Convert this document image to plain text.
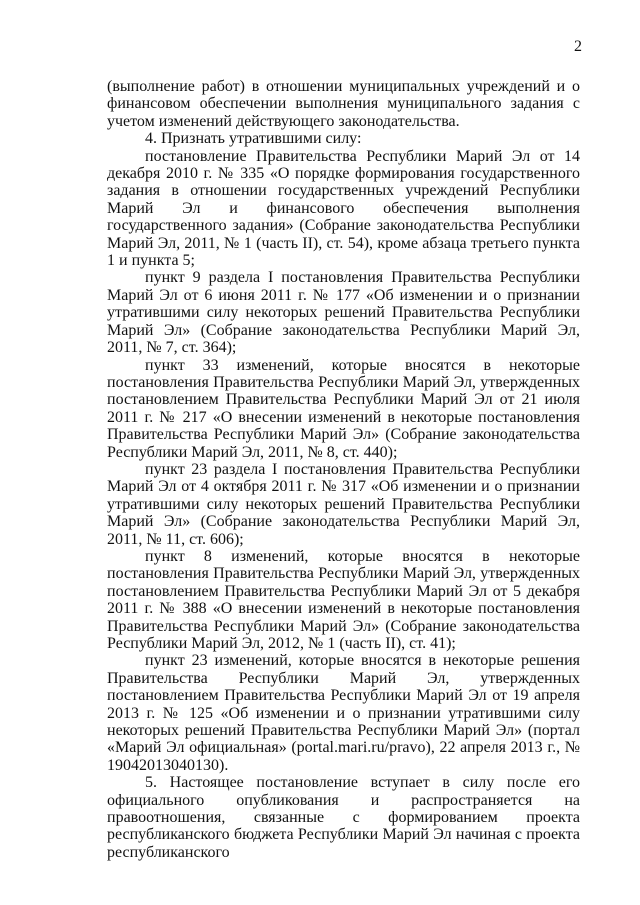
2

(выполнение работ) в отношении муниципальных учреждений и о финансовом обеспечении выполнения муниципального задания с учетом изменений действующего законодательства.

4. Признать утратившими силу:

постановление Правительства Республики Марий Эл от 14 декабря 2010 г. № 335 «О порядке формирования государственного задания в отношении государственных учреждений Республики Марий Эл и финансового обеспечения выполнения государственного задания» (Собрание законодательства Республики Марий Эл, 2011, № 1 (часть II), ст. 54), кроме абзаца третьего пункта 1 и пункта 5;

пункт 9 раздела I постановления Правительства Республики Марий Эл от 6 июня 2011 г. № 177 «Об изменении и о признании утратившими силу некоторых решений Правительства Республики Марий Эл» (Собрание законодательства Республики Марий Эл, 2011, № 7, ст. 364);

пункт 33 изменений, которые вносятся в некоторые постановления Правительства Республики Марий Эл, утвержденных постановлением Правительства Республики Марий Эл от 21 июля 2011 г. № 217 «О внесении изменений в некоторые постановления Правительства Республики Марий Эл» (Собрание законодательства Республики Марий Эл, 2011, № 8, ст. 440);

пункт 23 раздела I постановления Правительства Республики Марий Эл от 4 октября 2011 г. № 317 «Об изменении и о признании утратившими силу некоторых решений Правительства Республики Марий Эл» (Собрание законодательства Республики Марий Эл, 2011, № 11, ст. 606);

пункт 8 изменений, которые вносятся в некоторые постановления Правительства Республики Марий Эл, утвержденных постановлением Правительства Республики Марий Эл от 5 декабря 2011 г. № 388 «О внесении изменений в некоторые постановления Правительства Республики Марий Эл» (Собрание законодательства Республики Марий Эл, 2012, № 1 (часть II), ст. 41);

пункт 23 изменений, которые вносятся в некоторые решения Правительства Республики Марий Эл, утвержденных постановлением Правительства Республики Марий Эл от 19 апреля 2013 г. № 125 «Об изменении и о признании утратившими силу некоторых решений Правительства Республики Марий Эл» (портал «Марий Эл официальная» (portal.mari.ru/pravo), 22 апреля 2013 г., № 19042013040130).

5. Настоящее постановление вступает в силу после его официального опубликования и распространяется на правоотношения, связанные с формированием проекта республиканского бюджета Республики Марий Эл начиная с проекта республиканского
